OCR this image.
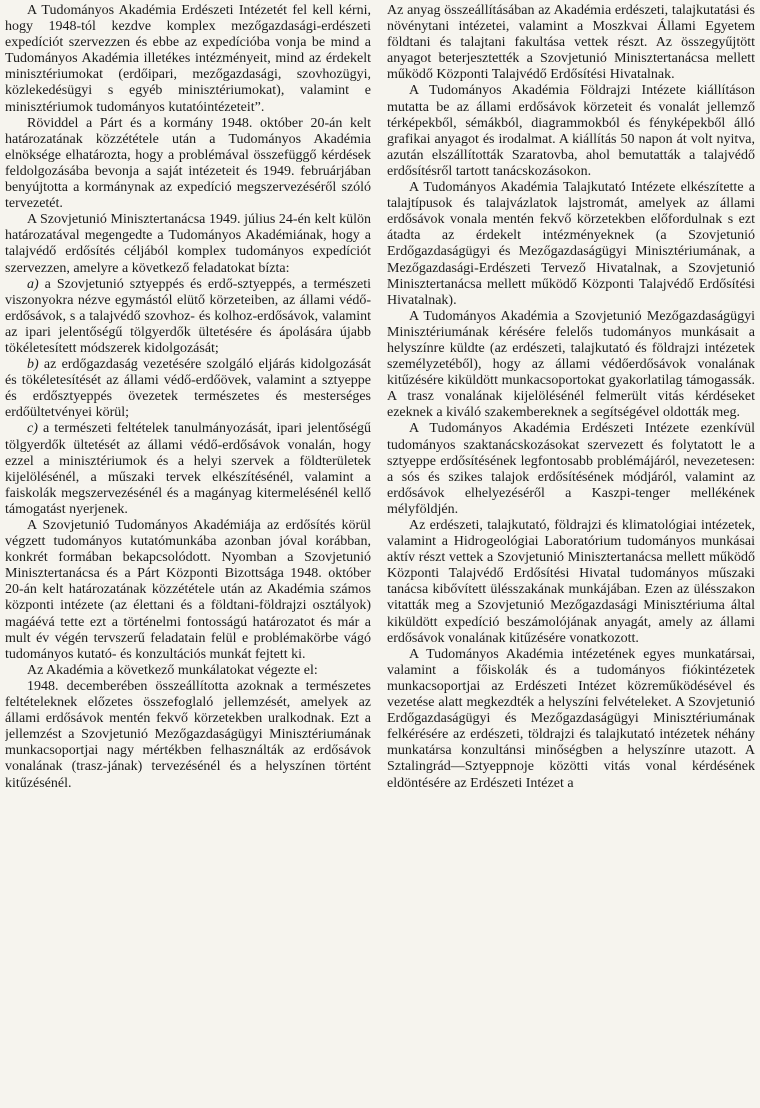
A Tudományos Akadémia Erdészeti Intézetét fel kell kérni, hogy 1948-tól kezdve komplex mezőgazdasági-erdészeti expedíciót szervezzen és ebbe az expedícióba vonja be mind a Tudományos Akadémia illetékes intézményeit, mind az érdekelt minisztériumokat (erdőipari, mezőgazdasági, szovhozügyi, közlekedésügyi s egyéb minisztériumokat), valamint e minisztériumok tudományos kutatóintézeteit”.

Röviddel a Párt és a kormány 1948. október 20-án kelt határozatának közzététele után a Tudományos Akadémia elnöksége elhatározta, hogy a problémával összefüggő kérdések feldolgozásába bevonja a saját intézeteit és 1949. februárjában benyújtotta a kormánynak az expedíció megszervezéséről szóló tervezetét.

A Szovjetunió Minisztertanácsa 1949. július 24-én kelt külön határozatával megengedte a Tudományos Akadémiának, hogy a talajvédő erdősítés céljából komplex tudományos expedíciót szervezzen, amelyre a következő feladatokat bízta:

a) a Szovjetunió sztyeppés és erdő-sztyeppés, a természeti viszonyokra nézve egymástól elütő körzeteiben, az állami védő-erdősávok, s a talajvédő szovhoz- és kolhoz-erdősávok, valamint az ipari jelentőségű tölgyerdők ültetésére és ápolására újabb tökéletesített módszerek kidolgozását;

b) az erdőgazdaság vezetésére szolgáló eljárás kidolgozását és tökéletesítését az állami védő-erdőövek, valamint a sztyeppe és erdősztyeppés övezetek természetes és mesterséges erdőültetvényei körül;

c) a természeti feltételek tanulmányozását, ipari jelentőségű tölgyerdők ültetését az állami védő-erdősávok vonalán, hogy ezzel a minisztériumok és a helyi szervek a földterületek kijelölésénél, a műszaki tervek elkészítésénél, valamint a faiskolák megszervezésénél és a magányag kitermelésénél kellő támogatást nyerjenek.

A Szovjetunió Tudományos Akadémiája az erdősítés körül végzett tudományos kutatómunkába azonban jóval korábban, konkrét formában bekapcsolódott. Nyomban a Szovjetunió Minisztertanácsa és a Párt Központi Bizottsága 1948. október 20-án kelt határozatának közzététele után az Akadémia számos központi intézete (az élettani és a földtani-földrajzi osztályok) magáévá tette ezt a történelmi fontosságú határozatot és már a mult év végén tervszerű feladatain felül e problémakörbe vágó tudományos kutató- és konzultációs munkát fejtett ki.

Az Akadémia a következő munkálatokat végezte el:

1948. decemberében összeállította azoknak a természetes feltételeknek előzetes összefoglaló jellemzését, amelyek az állami erdősávok mentén fekvő körzetekben uralkodnak. Ezt a jellemzést a Szovjetunió Mezőgazdaságügyi Minisztériumának munkacsoportjai nagy mértékben felhasználták az erdősávok vonalának (trasz-jának) tervezésénél és a helyszínen történt kitűzésénél.

Az anyag összeállításában az Akadémia erdészeti, talajkutatási és növénytani intézetei, valamint a Moszkvai Állami Egyetem földtani és talajtani fakultása vettek részt. Az összegyűjtött anyagot beterjesztették a Szovjetunió Minisztertanácsa mellett működő Központi Talajvédő Erdősítési Hivatalnak.

A Tudományos Akadémia Földrajzi Intézete kiállításon mutatta be az állami erdősávok körzeteit és vonalát jellemző térképekből, sémákból, diagrammokból és fényképekből álló grafikai anyagot és irodalmat. A kiállítás 50 napon át volt nyitva, azután elszállították Szaratovba, ahol bemutatták a talajvédő erdősítésről tartott tanácskozásokon.

A Tudományos Akadémia Talajkutató Intézete elkészítette a talajtípusok és talajvázlatok lajstromát, amelyek az állami erdősávok vonala mentén fekvő körzetekben előfordulnak s ezt átadta az érdekelt intézményeknek (a Szovjetunió Erdőgazdaságügyi és Mezőgazdaságügyi Minisztériumának, a Mezőgazdasági-Erdészeti Tervező Hivatalnak, a Szovjetunió Minisztertanácsa mellett működő Központi Talajvédő Erdősítési Hivatalnak).

A Tudományos Akadémia a Szovjetunió Mezőgazdaságügyi Minisztériumának kérésére felelős tudományos munkásait a helyszínre küldte (az erdészeti, talajkutató és földrajzi intézetek személyzetéből), hogy az állami védőerdősávok vonalának kitűzésére kiküldött munkacsoportokat gyakorlatilag támogassák. A trasz vonalának kijelölésénél felmerült vitás kérdéseket ezeknek a kiváló szakembereknek a segítségével oldották meg.

A Tudományos Akadémia Erdészeti Intézete ezenkívül tudományos szaktanácskozásokat szervezett és folytatott le a sztyeppe erdősítésének legfontosabb problémájáról, nevezetesen: a sós és szikes talajok erdősítésének módjáról, valamint az erdősávok elhelyezéséről a Kaszpi-tenger mellékének mélyföldjén.

Az erdészeti, talajkutató, földrajzi és klimatológiai intézetek, valamint a Hidrogeológiai Laboratórium tudományos munkásai aktív részt vettek a Szovjetunió Minisztertanácsa mellett működő Központi Talajvédő Erdősítési Hivatal tudományos műszaki tanácsa kibővített ülésszakának munkájában. Ezen az ülésszakon vitatták meg a Szovjetunió Mezőgazdasági Minisztériuma által kiküldött expedíció beszámolójának anyagát, amely az állami erdősávok vonalának kitűzésére vonatkozott.

A Tudományos Akadémia intézetének egyes munkatársai, valamint a főiskolák és a tudományos fiókintézetek munkacsoportjai az Erdészeti Intézet közreműködésével és vezetése alatt megkezdték a helyszíni felvételeket. A Szovjetunió Erdőgazdaságügyi és Mezőgazdaságügyi Minisztériumának felkérésére az erdészeti, töldrajzi és talajkutató intézetek néhány munkatársa konzultánsi minőségben a helyszínre utazott. A Sztalingrád—Sztyeppnoje közötti vitás vonal kérdésének eldöntésére az Erdészeti Intézet a
